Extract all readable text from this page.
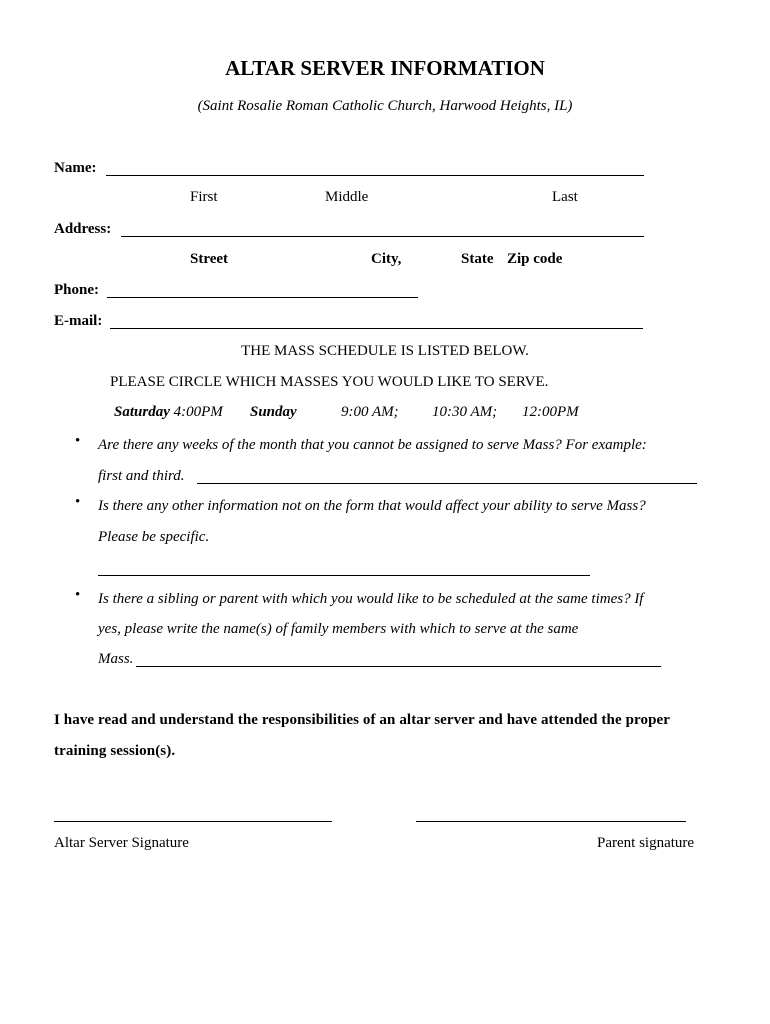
ALTAR SERVER INFORMATION
(Saint Rosalie Roman Catholic Church, Harwood Heights, IL)
Name:
First	Middle	Last
Address:
Street	City,	State Zip code
Phone:
E-mail:
THE MASS SCHEDULE IS LISTED BELOW.
PLEASE CIRCLE WHICH MASSES YOU WOULD LIKE TO SERVE.
Saturday 4:00PM Sunday	9:00 AM; 10:30 AM; 12:00PM
• Are there any weeks of the month that you cannot be assigned to serve Mass? For example:
first and third.
• Is there any other information not on the form that would affect your ability to serve Mass?
Please be specific.
• Is there a sibling or parent with which you would like to be scheduled at the same times? If
yes, please write the name(s) of family members with which to serve at the same
Mass.
I have read and understand the responsibilities of an altar server and have attended the proper
training session(s).
Altar Server Signature	Parent signature
